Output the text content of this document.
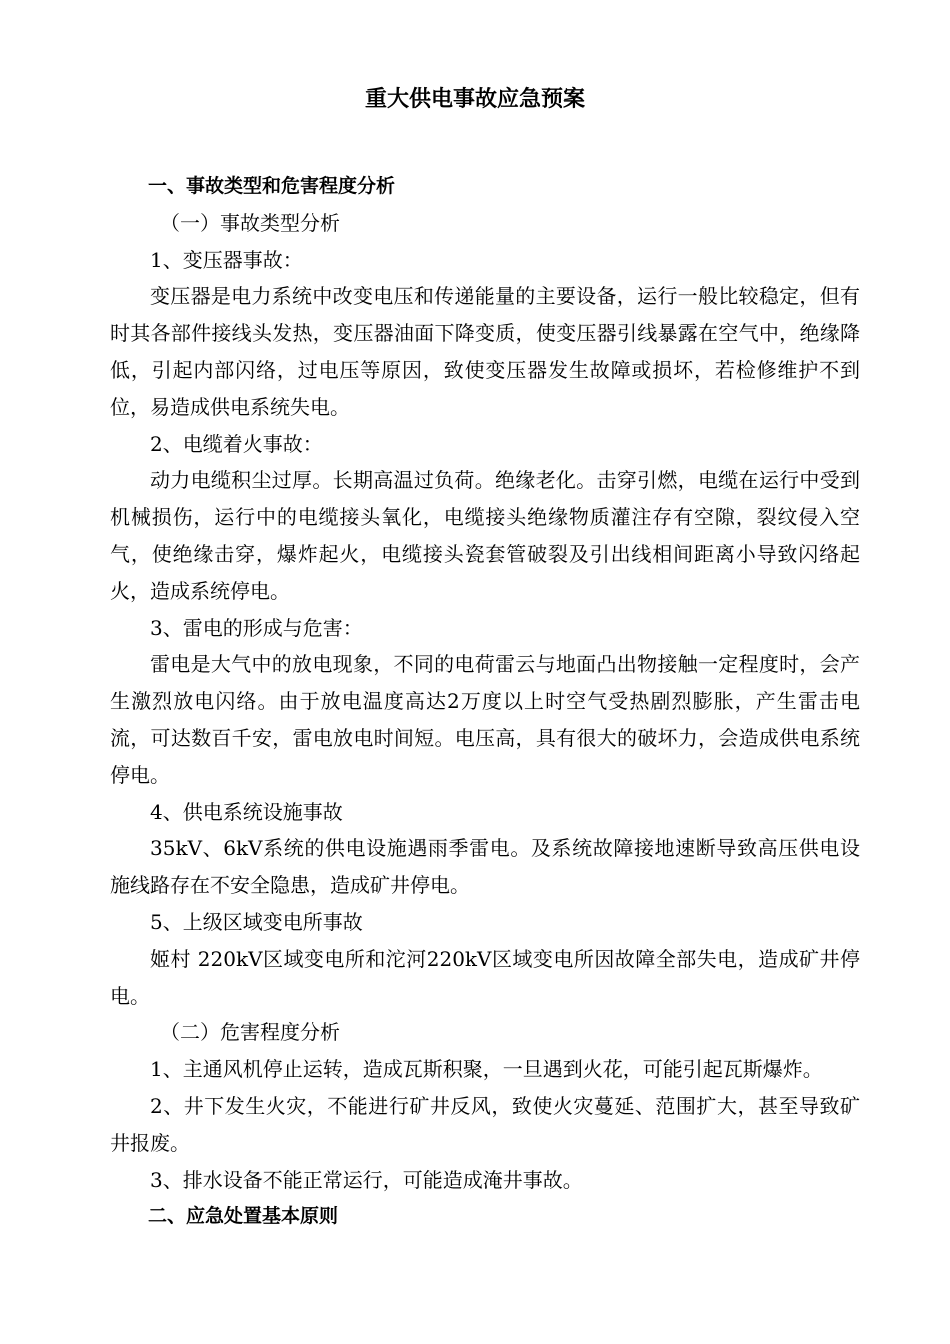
重大供电事故应急预案

一、事故类型和危害程度分析

（一）事故类型分析

1、变压器事故：

变压器是电力系统中改变电压和传递能量的主要设备，运行一般比较稳定，但有时其各部件接线头发热，变压器油面下降变质，使变压器引线暴露在空气中，绝缘降低，引起内部闪络，过电压等原因，致使变压器发生故障或损坏，若检修维护不到位，易造成供电系统失电。

2、电缆着火事故：

动力电缆积尘过厚。长期高温过负荷。绝缘老化。击穿引燃，电缆在运行中受到机械损伤，运行中的电缆接头氧化，电缆接头绝缘物质灌注存有空隙，裂纹侵入空气，使绝缘击穿，爆炸起火，电缆接头瓷套管破裂及引出线相间距离小导致闪络起火，造成系统停电。

3、雷电的形成与危害：

雷电是大气中的放电现象，不同的电荷雷云与地面凸出物接触一定程度时，会产生激烈放电闪络。由于放电温度高达2万度以上时空气受热剧烈膨胀，产生雷击电流，可达数百千安，雷电放电时间短。电压高，具有很大的破坏力，会造成供电系统停电。

4、供电系统设施事故

35kV、6kV系统的供电设施遇雨季雷电。及系统故障接地速断导致高压供电设施线路存在不安全隐患，造成矿井停电。

5、上级区域变电所事故

姬村 220kV区域变电所和沱河220kV区域变电所因故障全部失电，造成矿井停电。

（二）危害程度分析

1、主通风机停止运转，造成瓦斯积聚，一旦遇到火花，可能引起瓦斯爆炸。

2、井下发生火灾，不能进行矿井反风，致使火灾蔓延、范围扩大，甚至导致矿井报废。

3、排水设备不能正常运行，可能造成淹井事故。

二、应急处置基本原则
